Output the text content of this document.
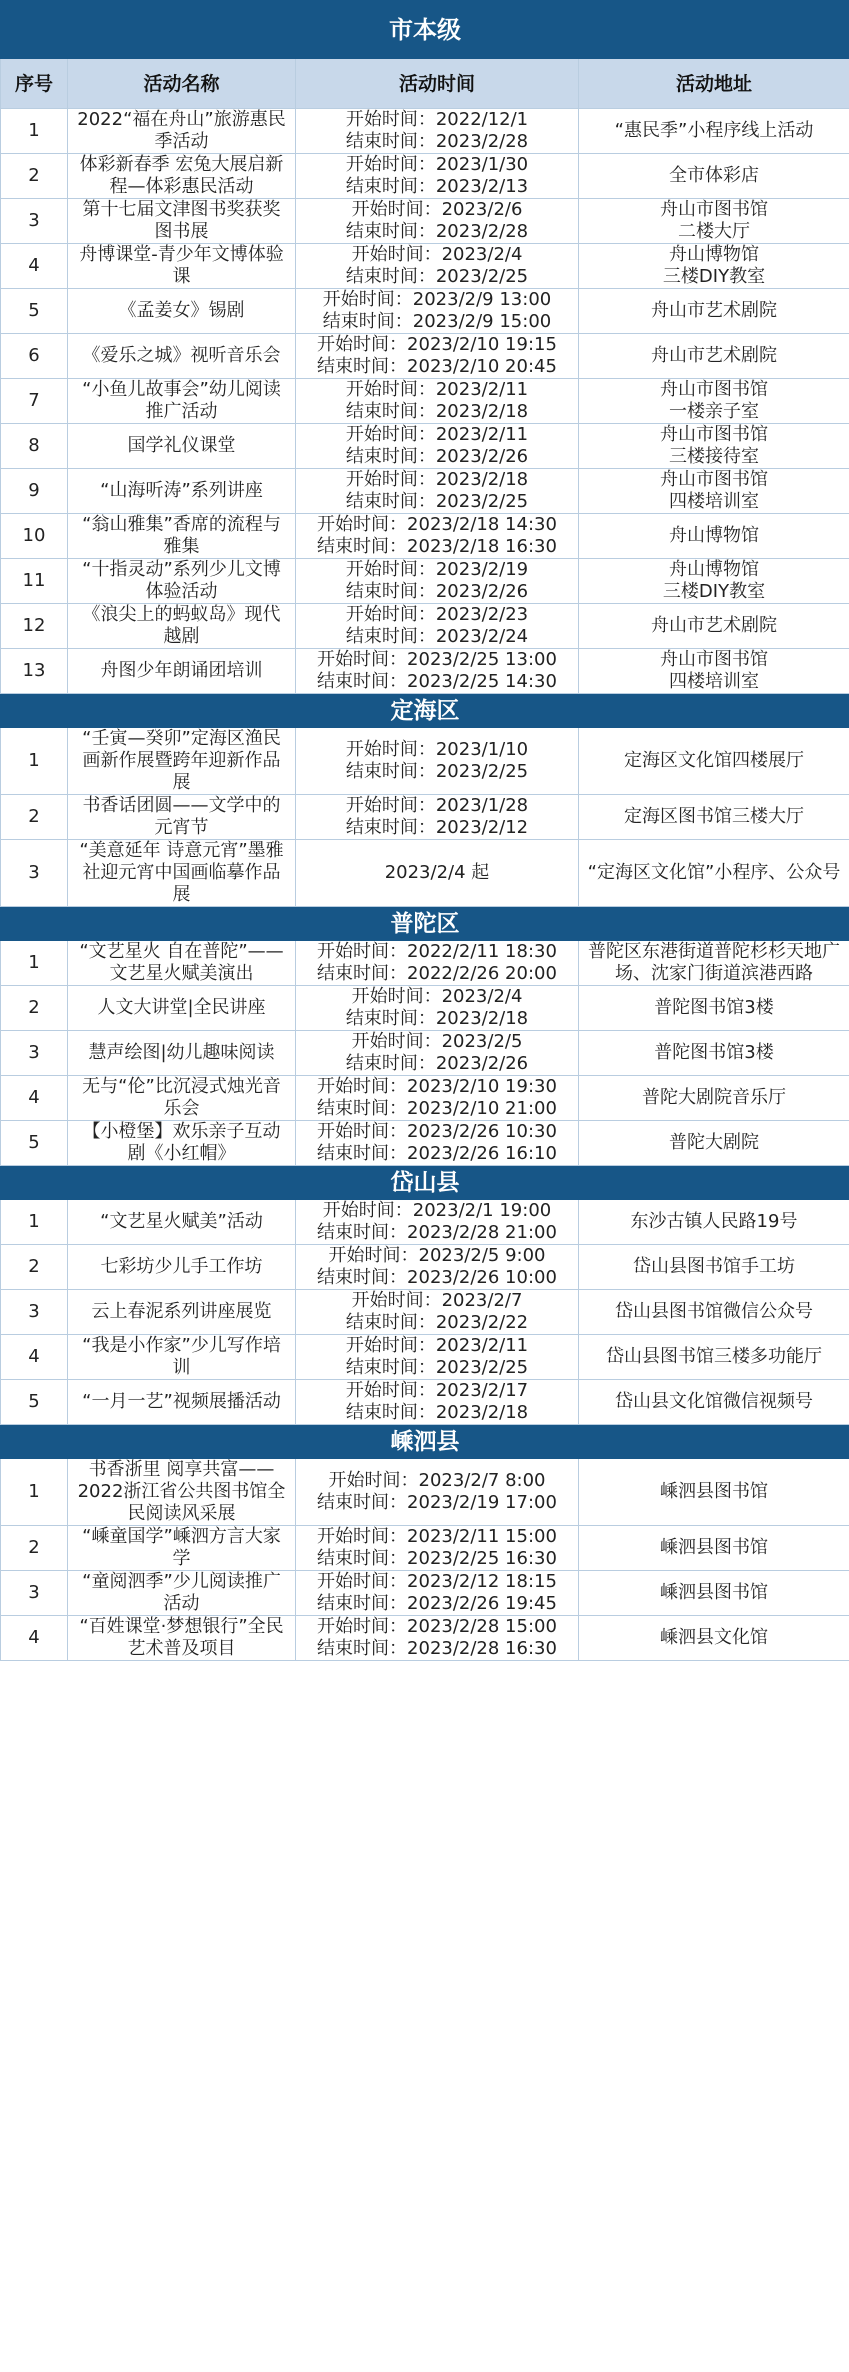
市本级			
序号	活动名称	活动时间	活动地址
1	2022“福在舟山”旅游惠民季活动	开始时间：2022/12/1
结束时间：2023/2/28	“惠民季”小程序线上活动

2	体彩新春季 宏兔大展启新程—体彩惠民活动	开始时间：2023/1/30
结束时间：2023/2/13	全市体彩店

3	第十七届文津图书奖获奖图书展	开始时间：2023/2/6
结束时间：2023/2/28	舟山市图书馆
二楼大厅

4	舟博课堂-青少年文博体验课	开始时间：2023/2/4
结束时间：2023/2/25	舟山博物馆
三楼DIY教室

5	《孟姜女》锡剧	开始时间：2023/2/9 13:00
结束时间：2023/2/9 15:00	舟山市艺术剧院

6	《爱乐之城》视听音乐会	开始时间：2023/2/10 19:15
结束时间：2023/2/10 20:45	舟山市艺术剧院

7	“小鱼儿故事会”幼儿阅读推广活动	开始时间：2023/2/11
结束时间：2023/2/18	舟山市图书馆
一楼亲子室

8	国学礼仪课堂	开始时间：2023/2/11
结束时间：2023/2/26	舟山市图书馆
三楼接待室

9	“山海听涛”系列讲座	开始时间：2023/2/18
结束时间：2023/2/25	舟山市图书馆
四楼培训室

10	“翁山雅集”香席的流程与雅集	开始时间：2023/2/18 14:30
结束时间：2023/2/18 16:30	舟山博物馆

11	“十指灵动”系列少儿文博体验活动	开始时间：2023/2/19
结束时间：2023/2/26	舟山博物馆
三楼DIY教室

12	《浪尖上的蚂蚁岛》现代越剧	开始时间：2023/2/23
结束时间：2023/2/24	舟山市艺术剧院

13	舟图少年朗诵团培训	开始时间：2023/2/25 13:00
结束时间：2023/2/25 14:30	舟山市图书馆
四楼培训室

定海区			
1	“壬寅—癸卯”定海区渔民画新作展暨跨年迎新作品展	开始时间：2023/1/10
结束时间：2023/2/25	定海区文化馆四楼展厅

2	书香话团圆——文学中的元宵节	开始时间：2023/1/28
结束时间：2023/2/12	定海区图书馆三楼大厅

3	“美意延年 诗意元宵”墨雅社迎元宵中国画临摹作品展	2023/2/4 起	“定海区文化馆”小程序、公众号

普陀区			
1	“文艺星火 自在普陀”——文艺星火赋美演出	开始时间：2022/2/11 18:30
结束时间：2022/2/26 20:00	普陀区东港街道普陀杉杉天地广场、沈家门街道滨港西路

2	人文大讲堂|全民讲座	开始时间：2023/2/4
结束时间：2023/2/18	普陀图书馆3楼

3	慧声绘图|幼儿趣味阅读	开始时间：2023/2/5
结束时间：2023/2/26	普陀图书馆3楼

4	无与“伦”比沉浸式烛光音乐会	开始时间：2023/2/10 19:30
结束时间：2023/2/10 21:00	普陀大剧院音乐厅

5	【小橙堡】欢乐亲子互动剧《小红帽》	开始时间：2023/2/26 10:30
结束时间：2023/2/26 16:10	普陀大剧院

岱山县			
1	“文艺星火赋美”活动	开始时间：2023/2/1 19:00
结束时间：2023/2/28 21:00	东沙古镇人民路19号

2	七彩坊少儿手工作坊	开始时间：2023/2/5 9:00
结束时间：2023/2/26 10:00	岱山县图书馆手工坊

3	云上春泥系列讲座展览	开始时间：2023/2/7
结束时间：2023/2/22	岱山县图书馆微信公众号

4	“我是小作家”少儿写作培训	开始时间：2023/2/11
结束时间：2023/2/25	岱山县图书馆三楼多功能厅

5	“一月一艺”视频展播活动	开始时间：2023/2/17
结束时间：2023/2/18	岱山县文化馆微信视频号

嵊泗县			
1	书香浙里 阅享共富——2022浙江省公共图书馆全民阅读风采展	开始时间：2023/2/7 8:00
结束时间：2023/2/19 17:00	嵊泗县图书馆

2	“嵊童国学”嵊泗方言大家学	开始时间：2023/2/11 15:00
结束时间：2023/2/25 16:30	嵊泗县图书馆

3	“童阅泗季”少儿阅读推广活动	开始时间：2023/2/12 18:15
结束时间：2023/2/26 19:45	嵊泗县图书馆

4	“百姓课堂·梦想银行”全民艺术普及项目	开始时间：2023/2/28 15:00
结束时间：2023/2/28 16:30	嵊泗县文化馆
